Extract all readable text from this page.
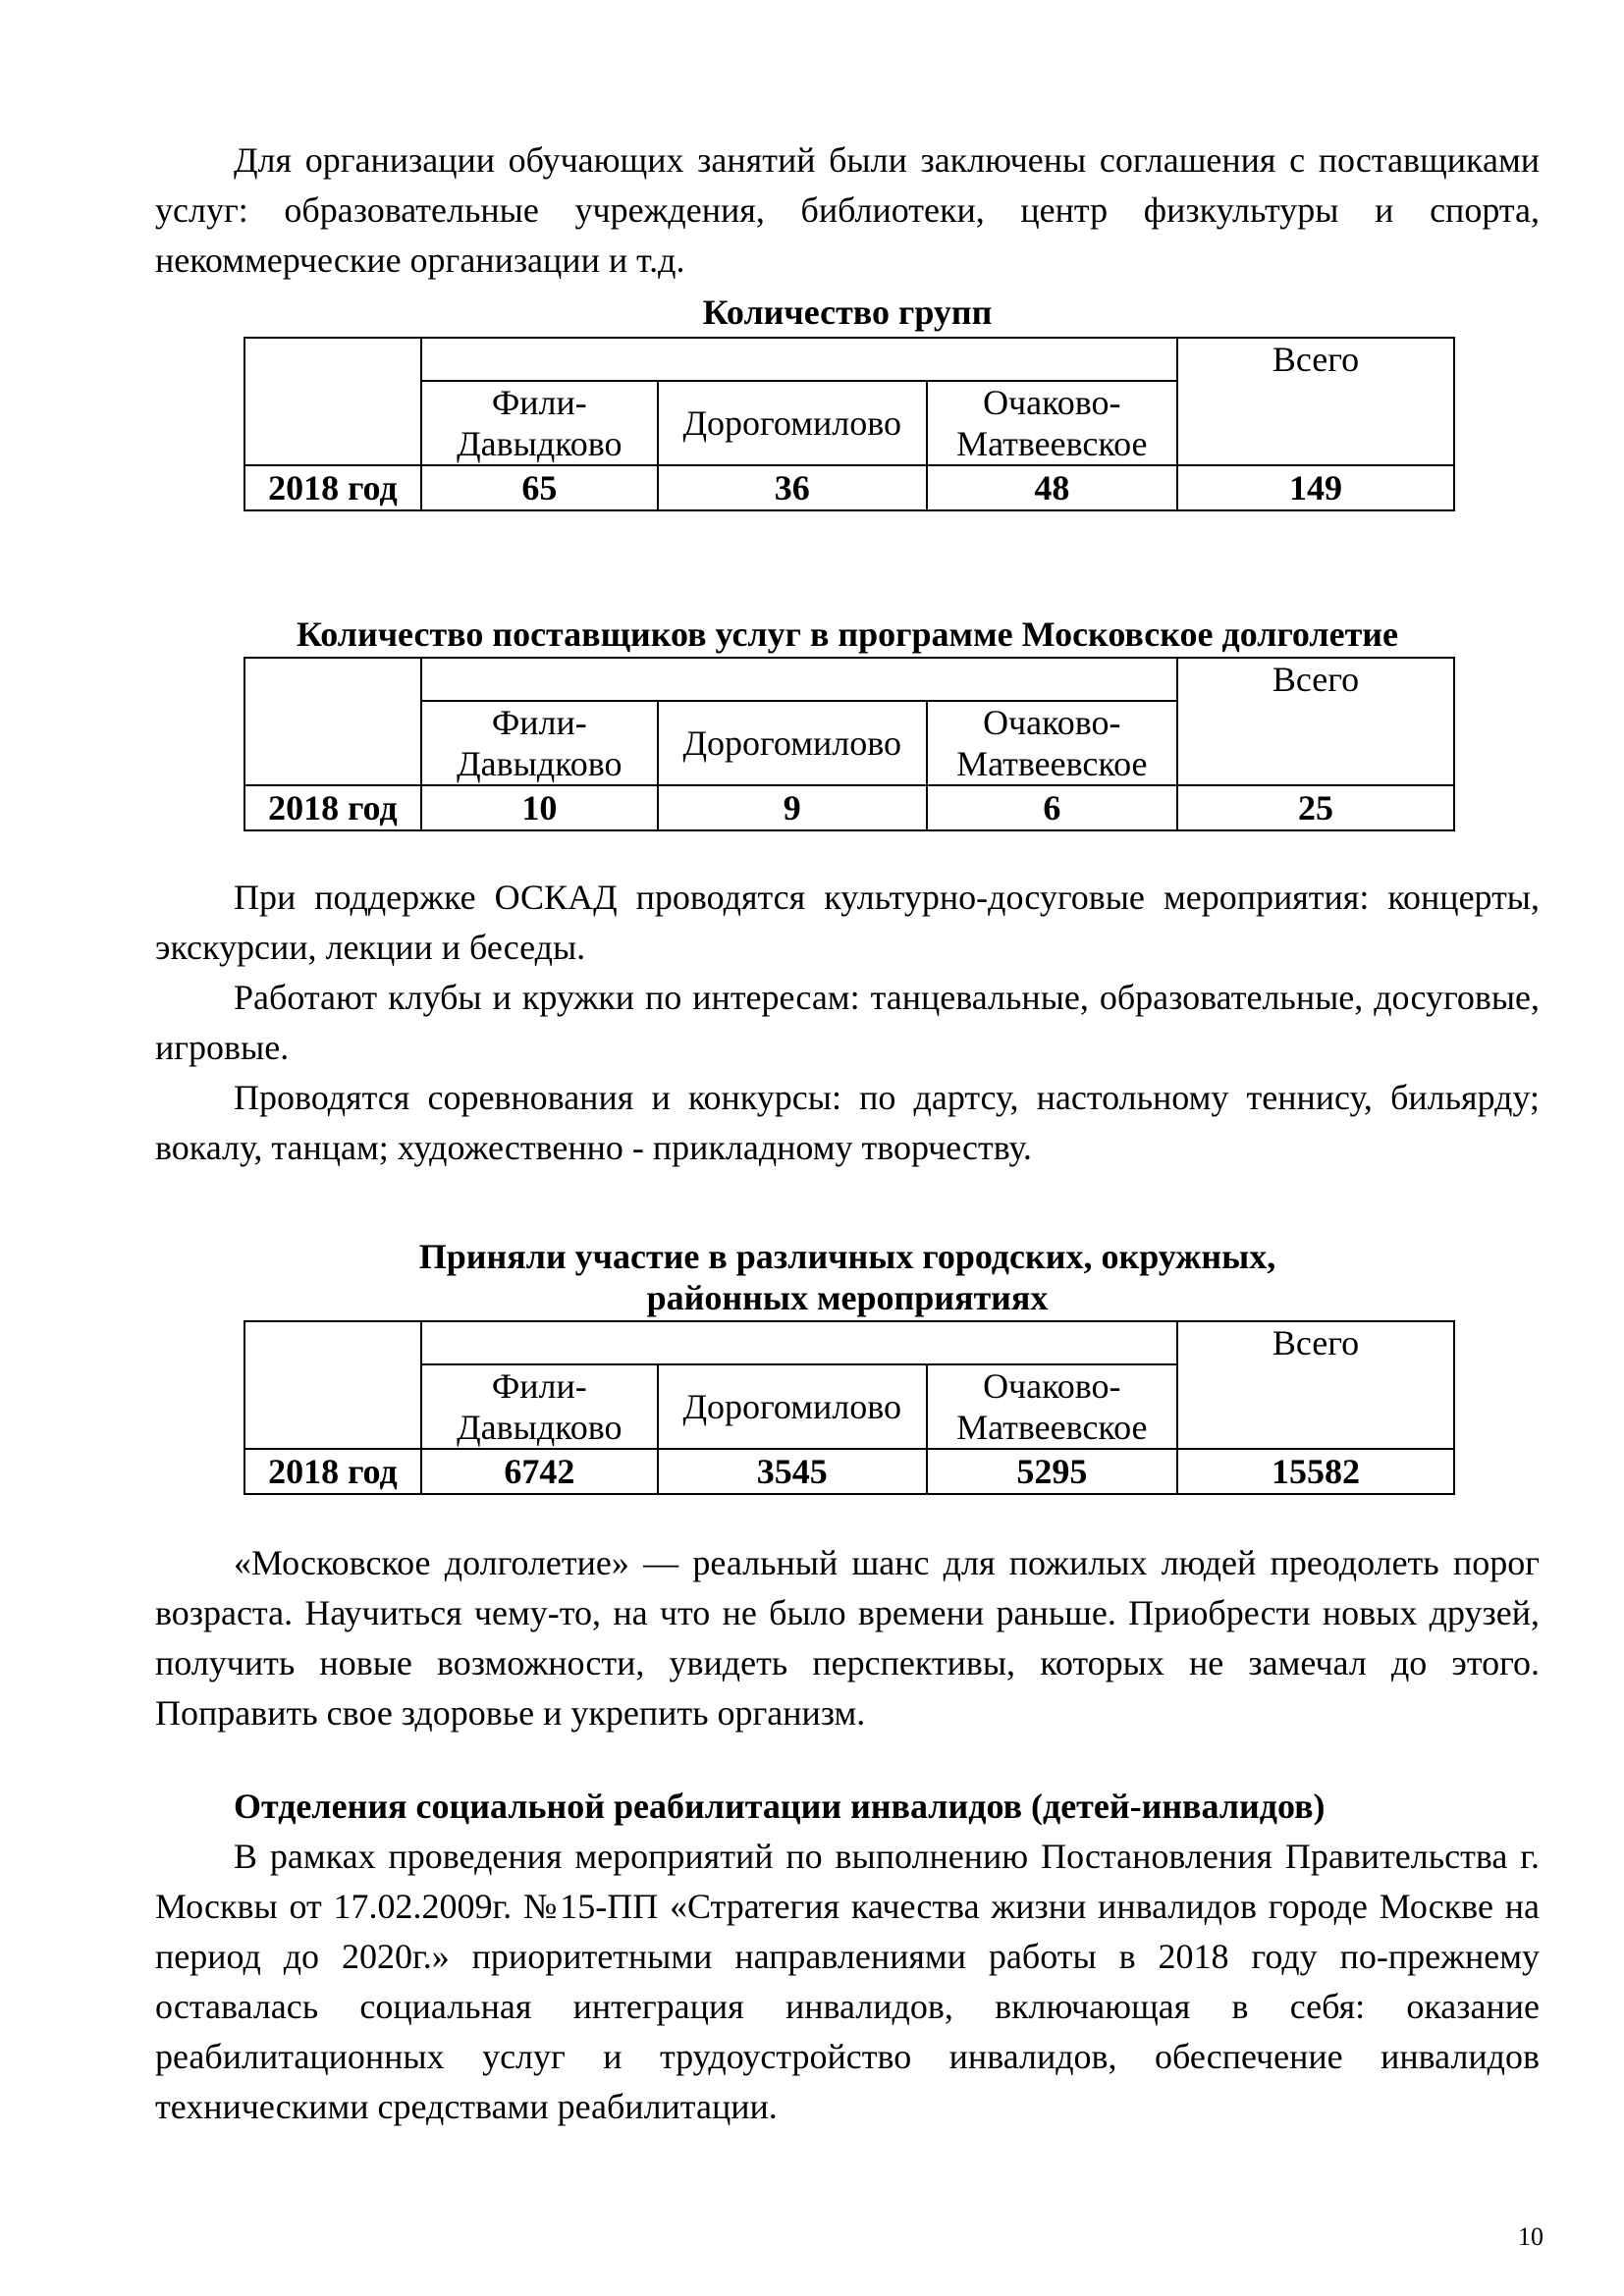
Для организации обучающих занятий были заключены соглашения с поставщиками услуг: образовательные учреждения, библиотеки, центр физкультуры и спорта, некоммерческие организации и т.д.

Количество групп
				Всего
	Фили-Давыдково	Дорогомилово	Очаково-Матвеевское	
2018 год	65	36	48	149
Количество поставщиков услуг в программе Московское долголетие
				Всего
	Фили-Давыдково	Дорогомилово	Очаково-Матвеевское	
2018 год	10	9	6	25

При поддержке ОСКАД проводятся культурно-досуговые мероприятия: концерты, экскурсии, лекции и беседы.

Работают клубы и кружки по интересам: танцевальные, образовательные, досуговые, игровые.

Проводятся соревнования и конкурсы: по дартсу, настольному теннису, бильярду; вокалу, танцам; художественно - прикладному творчеству.

Приняли участие в различных городских, окружных,
районных мероприятиях
				Всего
	Фили-Давыдково	Дорогомилово	Очаково-Матвеевское	
2018 год	6742	3545	5295	15582

«Московское долголетие» — реальный шанс для пожилых людей преодолеть порог возраста. Научиться чему-то, на что не было времени раньше. Приобрести новых друзей, получить новые возможности, увидеть перспективы, которых не замечал до этого. Поправить свое здоровье и укрепить организм.

Отделения социальной реабилитации инвалидов (детей-инвалидов)

В рамках проведения мероприятий по выполнению Постановления Правительства г. Москвы от 17.02.2009г. №15-ПП «Стратегия качества жизни инвалидов городе Москве на период до 2020г.» приоритетными направлениями работы в 2018 году по-прежнему оставалась социальная интеграция инвалидов, включающая в себя: оказание реабилитационных услуг и трудоустройство инвалидов, обеспечение инвалидов техническими средствами реабилитации.

10
